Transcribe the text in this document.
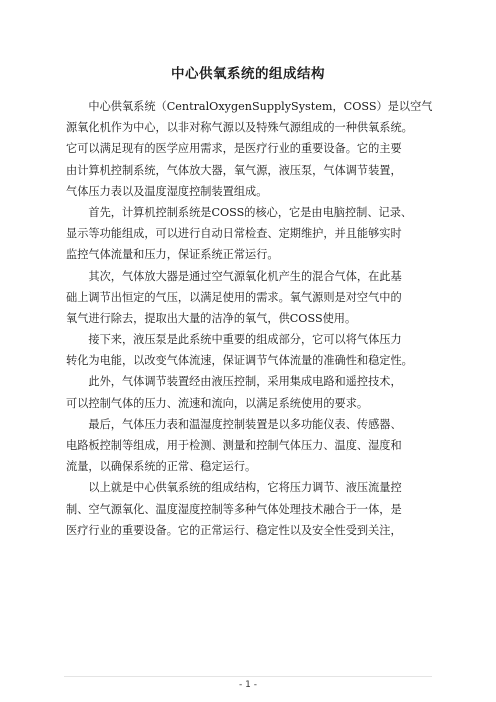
中心供氧系统的组成结构
　　中心供氧系统（CentralOxygenSupplySystem，COSS）是以空气
源氧化机作为中心，以非对称气源以及特殊气源组成的一种供氧系统。
它可以满足现有的医学应用需求，是医疗行业的重要设备。它的主要
由计算机控制系统，气体放大器，氧气源，液压泵，气体调节装置，
气体压力表以及温度湿度控制装置组成。
　　首先，计算机控制系统是COSS的核心，它是由电脑控制、记录、
显示等功能组成，可以进行自动日常检查、定期维护，并且能够实时
监控气体流量和压力，保证系统正常运行。
　　其次，气体放大器是通过空气源氧化机产生的混合气体，在此基
础上调节出恒定的气压，以满足使用的需求。氧气源则是对空气中的
氧气进行除去，提取出大量的洁净的氧气，供COSS使用。
　　接下来，液压泵是此系统中重要的组成部分，它可以将气体压力
转化为电能，以改变气体流速，保证调节气体流量的准确性和稳定性。
　　此外，气体调节装置经由液压控制，采用集成电路和遥控技术，
可以控制气体的压力、流速和流向，以满足系统使用的要求。
　　最后，气体压力表和温湿度控制装置是以多功能仪表、传感器、
电路板控制等组成，用于检测、测量和控制气体压力、温度、湿度和
流量，以确保系统的正常、稳定运行。
　　以上就是中心供氧系统的组成结构，它将压力调节、液压流量控
制、空气源氧化、温度湿度控制等多种气体处理技术融合于一体，是
医疗行业的重要设备。它的正常运行、稳定性以及安全性受到关注，
- 1 -
